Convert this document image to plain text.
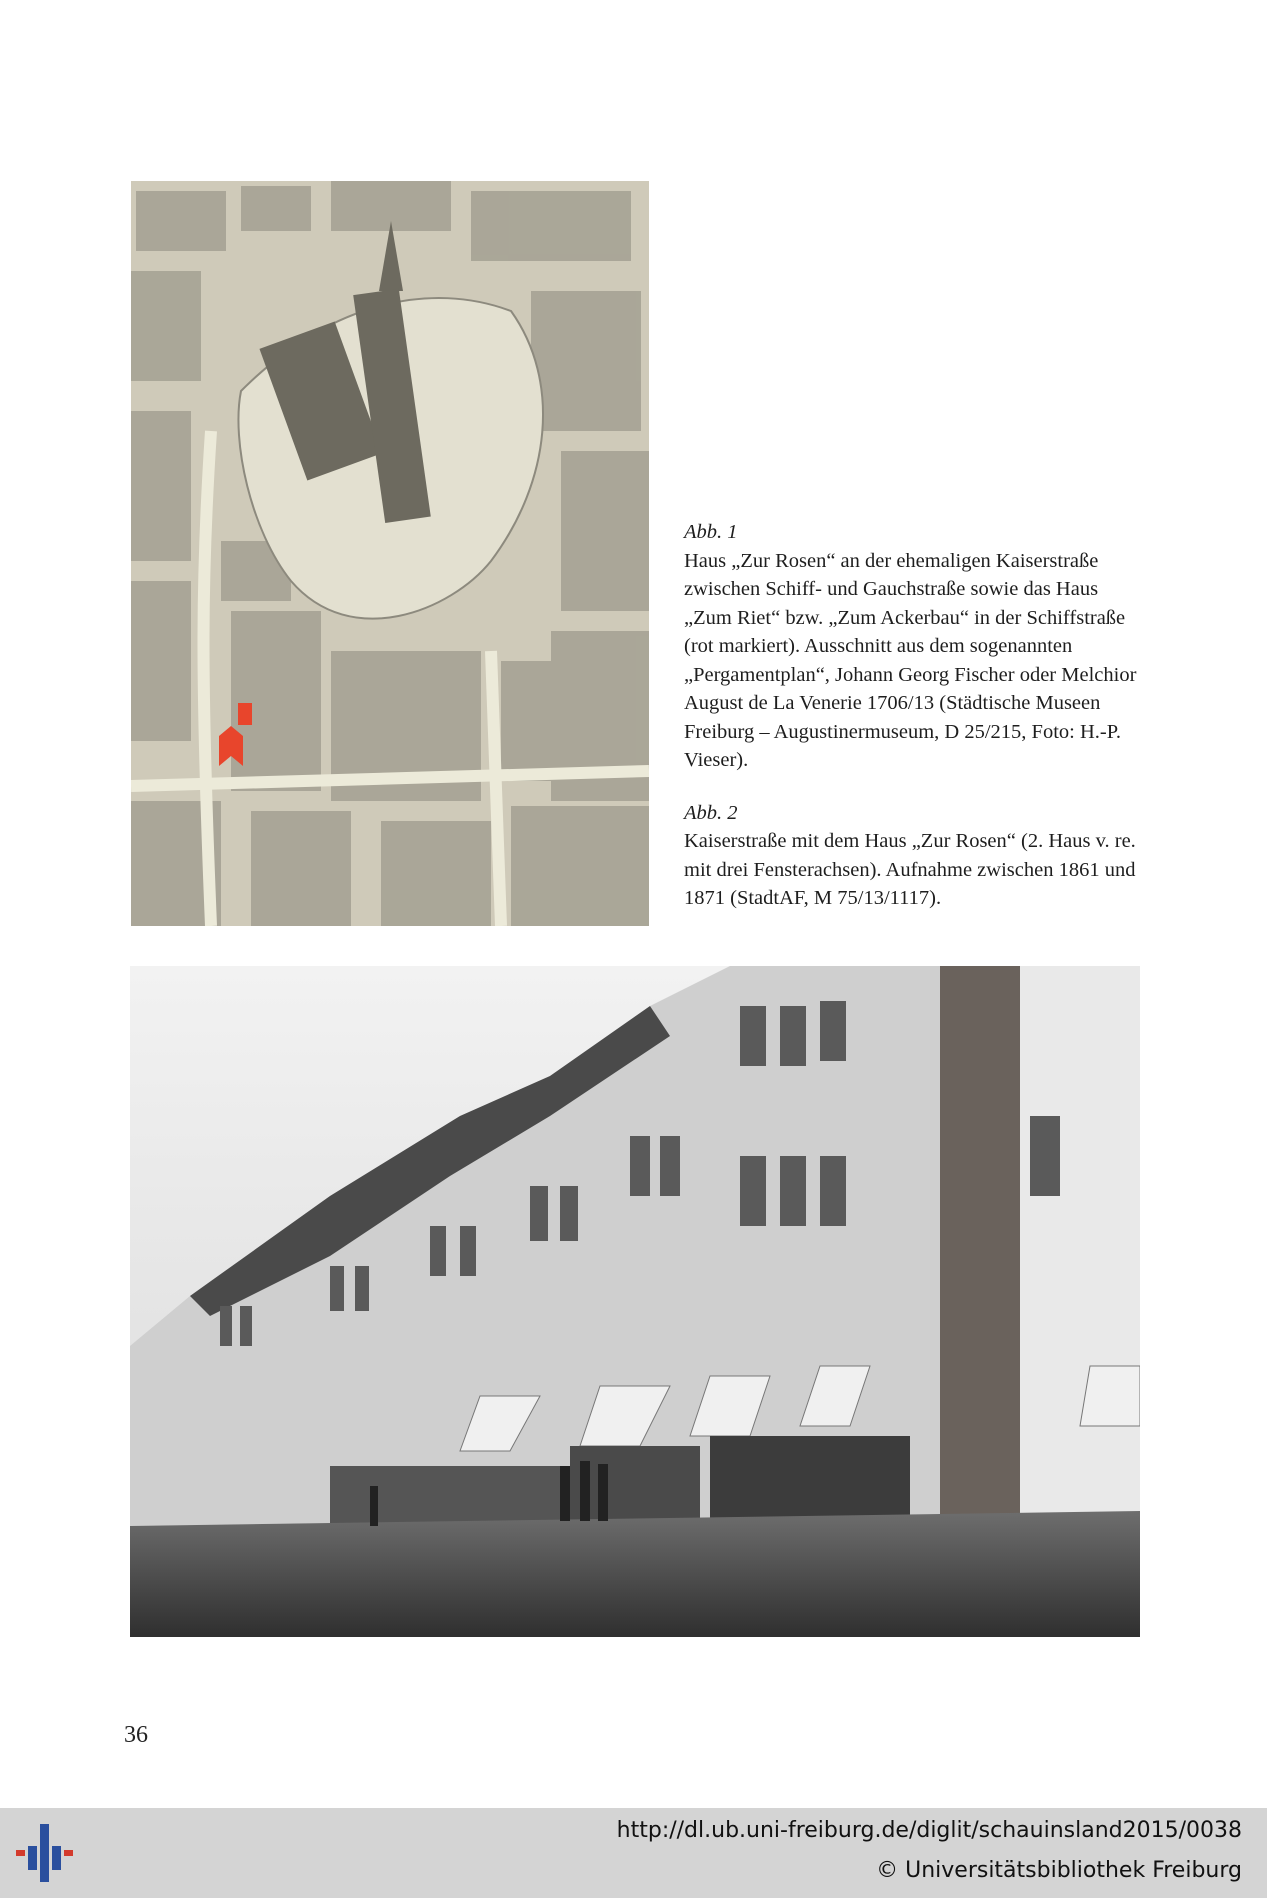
Abb. 1
Haus „Zur Rosen“ an der ehemaligen Kaiserstraße zwischen Schiff- und Gauchstraße sowie das Haus „Zum Riet“ bzw. „Zum Ackerbau“ in der Schiffstraße (rot markiert). Ausschnitt aus dem sogenannten „Pergamentplan“, Johann Georg Fischer oder Melchior August de La Venerie 1706/13 (Städtische Museen Freiburg – Augustinermuseum, D 25/215, Foto: H.-P. Vieser).
Abb. 2
Kaiserstraße mit dem Haus „Zur Rosen“ (2. Haus v. re. mit drei Fensterachsen). Aufnahme zwischen 1861 und 1871 (StadtAF, M 75/13/1117).
36
http://dl.ub.uni-freiburg.de/diglit/schauinsland2015/0038
© Universitätsbibliothek Freiburg
